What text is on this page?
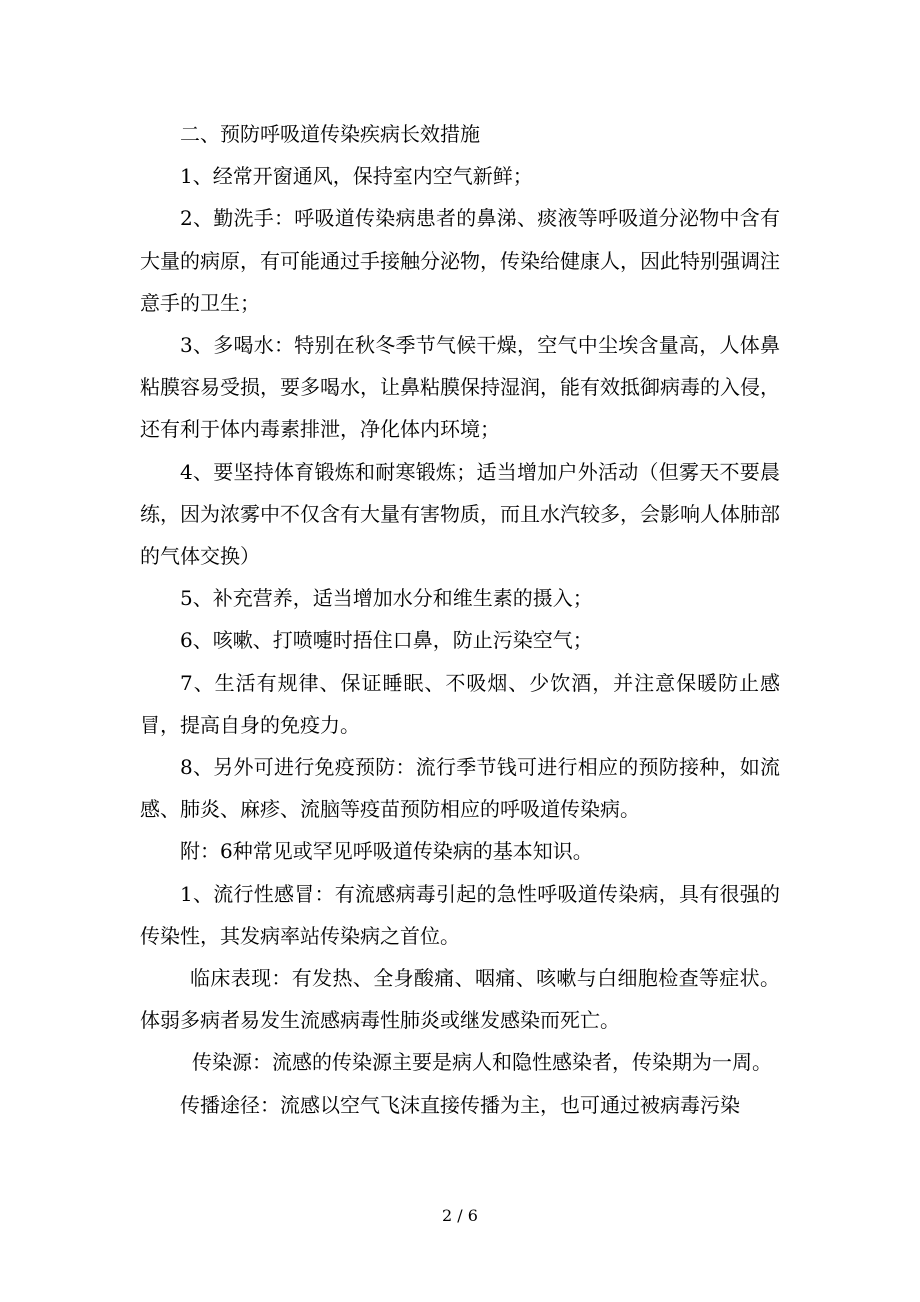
二、预防呼吸道传染疾病长效措施

1、经常开窗通风，保持室内空气新鲜；

2、勤洗手：呼吸道传染病患者的鼻涕、痰液等呼吸道分泌物中含有大量的病原，有可能通过手接触分泌物，传染给健康人，因此特别强调注意手的卫生；

3、多喝水：特别在秋冬季节气候干燥，空气中尘埃含量高，人体鼻粘膜容易受损，要多喝水，让鼻粘膜保持湿润，能有效抵御病毒的入侵，还有利于体内毒素排泄，净化体内环境；

4、要坚持体育锻炼和耐寒锻炼；适当增加户外活动（但雾天不要晨练，因为浓雾中不仅含有大量有害物质，而且水汽较多，会影响人体肺部的气体交换）

5、补充营养，适当增加水分和维生素的摄入；

6、咳嗽、打喷嚏时捂住口鼻，防止污染空气；

7、生活有规律、保证睡眠、不吸烟、少饮酒，并注意保暖防止感冒，提高自身的免疫力。

8、另外可进行免疫预防：流行季节钱可进行相应的预防接种，如流感、肺炎、麻疹、流脑等疫苗预防相应的呼吸道传染病。

附：6种常见或罕见呼吸道传染病的基本知识。

1、流行性感冒：有流感病毒引起的急性呼吸道传染病，具有很强的传染性，其发病率站传染病之首位。

临床表现：有发热、全身酸痛、咽痛、咳嗽与白细胞检查等症状。体弱多病者易发生流感病毒性肺炎或继发感染而死亡。

传染源：流感的传染源主要是病人和隐性感染者，传染期为一周。

传播途径：流感以空气飞沫直接传播为主，也可通过被病毒污染

2 / 6
